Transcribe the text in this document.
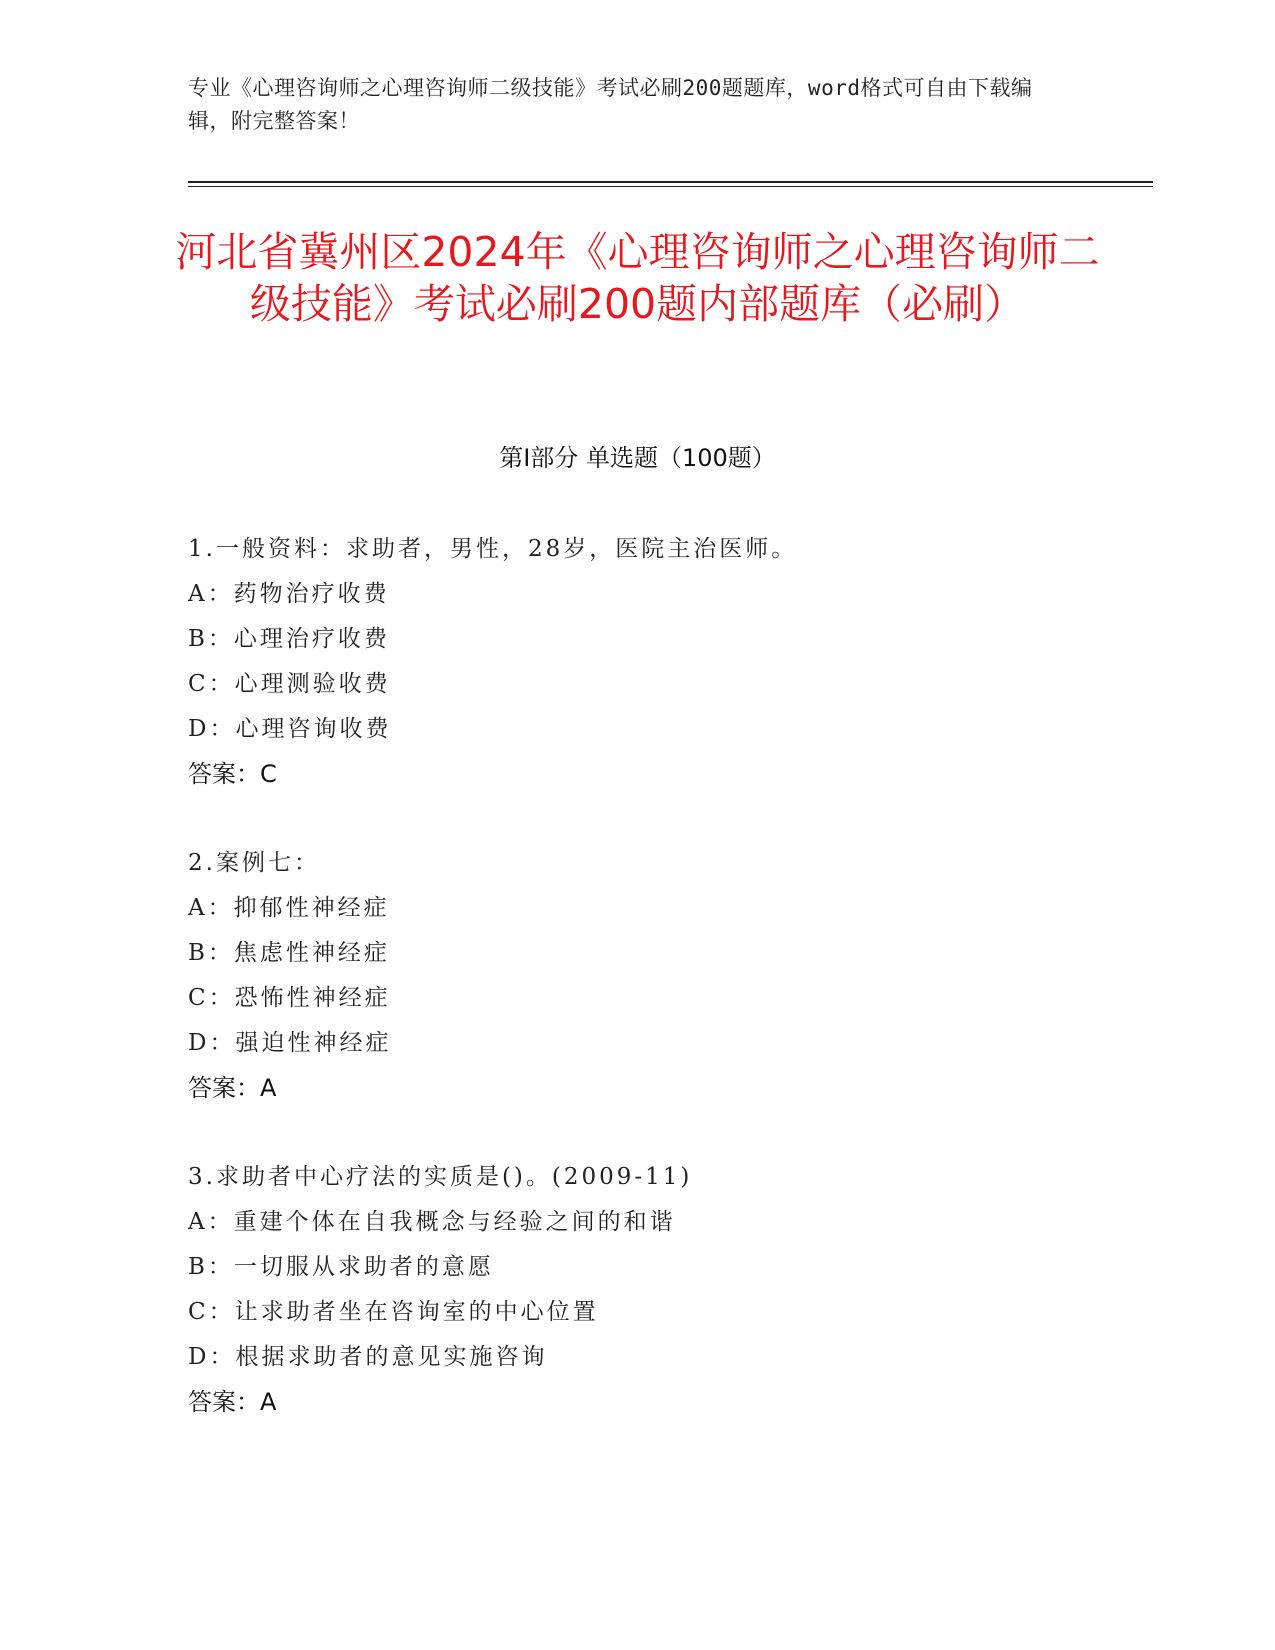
专业《心理咨询师之心理咨询师二级技能》考试必刷200题题库，word格式可自由下载编辑，附完整答案！
河北省冀州区2024年《心理咨询师之心理咨询师二级技能》考试必刷200题内部题库（必刷）
第Ⅰ部分 单选题（100题）
1.一般资料：求助者，男性，28岁，医院主治医师。
A：药物治疗收费
B：心理治疗收费
C：心理测验收费
D：心理咨询收费
答案：C
2.案例七：
A：抑郁性神经症
B：焦虑性神经症
C：恐怖性神经症
D：强迫性神经症
答案：A
3.求助者中心疗法的实质是()。(2009-11)
A：重建个体在自我概念与经验之间的和谐
B：一切服从求助者的意愿
C：让求助者坐在咨询室的中心位置
D：根据求助者的意见实施咨询
答案：A
